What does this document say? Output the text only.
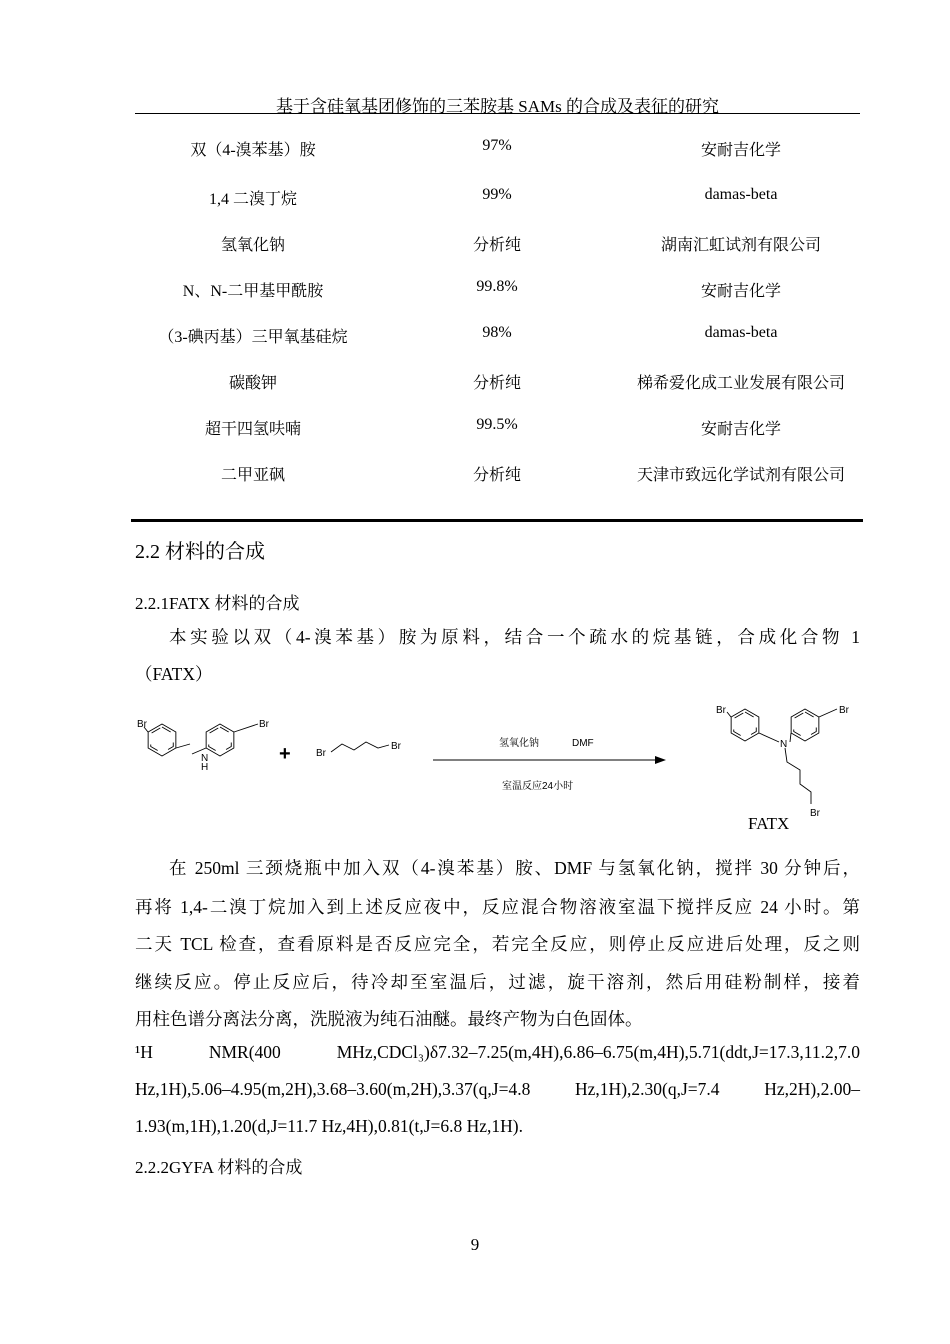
基于含硅氧基团修饰的三苯胺基 SAMs 的合成及表征的研究
双（4-溴苯基）胺	97%	安耐吉化学
1,4 二溴丁烷	99%	damas-beta
氢氧化钠	分析纯	湖南汇虹试剂有限公司
N、N-二甲基甲酰胺	99.8%	安耐吉化学
（3-碘丙基）三甲氧基硅烷	98%	damas-beta
碳酸钾	分析纯	梯希爱化成工业发展有限公司
超干四氢呋喃	99.5%	安耐吉化学
二甲亚砜	分析纯	天津市致远化学试剂有限公司
2.2 材料的合成
2.2.1FATX 材料的合成
本实验以双（4-溴苯基）胺为原料，结合一个疏水的烷基链，合成化合物 1
（FATX）
Br	Br
N
H
+	Br
Br	氢氧化钠	DMF
室温反应24小时
Br	Br
N
Br
FATX
在 250ml 三颈烧瓶中加入双（4-溴苯基）胺、DMF 与氢氧化钠，搅拌 30 分钟后，
再将 1,4-二溴丁烷加入到上述反应夜中，反应混合物溶液室温下搅拌反应 24 小时。第
二天 TCL 检查，查看原料是否反应完全，若完全反应，则停止反应进后处理，反之则
继续反应。停止反应后，待冷却至室温后，过滤，旋干溶剂，然后用硅粉制样，接着
用柱色谱分离法分离，洗脱液为纯石油醚。最终产物为白色固体。
¹H NMR(400 MHz,CDCl₃)δ7.32–7.25(m,4H),6.86–6.75(m,4H),5.71(ddt,J=17.3,11.2,7.0
Hz,1H),5.06–4.95(m,2H),3.68–3.60(m,2H),3.37(q,J=4.8 Hz,1H),2.30(q,J=7.4 Hz,2H),2.00–
1.93(m,1H),1.20(d,J=11.7 Hz,4H),0.81(t,J=6.8 Hz,1H).
2.2.2GYFA 材料的合成
9
